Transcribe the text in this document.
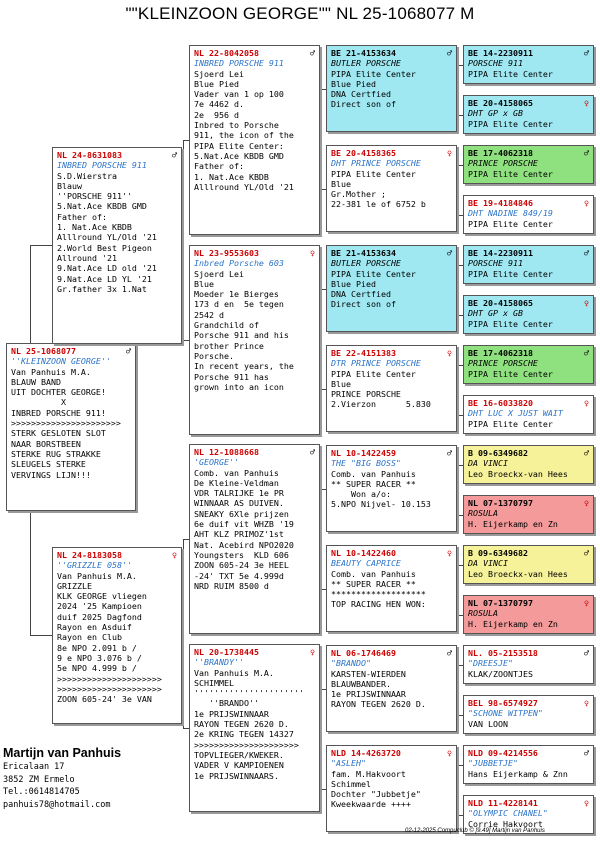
""KLEINZOON GEORGE"" NL 25-1068077 M
NL 25-1068077	♂
''KLEINZOON GEORGE''
Van Panhuis M.A.
BLAUW BAND
UIT DOCHTER GEORGE!
X
INBRED PORSCHE 911!
>>>>>>>>>>>>>>>>>>>>>>
STERK GESLOTEN SLOT
NAAR BORSTBEEN
STERKE RUG STRAKKE
SLEUGELS STERKE
VERVINGS LIJN!!!
NL 24-8631083	♂
INBRED PORSCHE 911
S.D.Wierstra
Blauw
''PORSCHE 911''
5.Nat.Ace KBDB GMD
Father of:
1. Nat.Ace KBDB
Alllround YL/Old '21
2.World Best Pigeon
Allround '21
9.Nat.Ace LD old '21
9.Nat.Ace LD YL '21
Gr.father 3x 1.Nat
NL 24-8183058	♀
''GRIZZLE 058''
Van Panhuis M.A.
GRIZZLE
KLK GEORGE vliegen
2024 '25 Kampioen
duif 2025 Dagfond
Rayon en Asduif
Rayon en Club
8e NPO 2.091 b /
9 e NPO 3.076 b /
5e NPO 4.999 b /
>>>>>>>>>>>>>>>>>>>>>
>>>>>>>>>>>>>>>>>>>>>
ZOON 605-24' 3e VAN
NL 22-8042058	♂
INBRED PORSCHE 911
Sjoerd Lei
Blue Pied
Vader van 1 op 100
7e 4462 d.
2e  956 d
Inbred to Porsche
911, the icon of the
PIPA Elite Center:
5.Nat.Ace KBDB GMD
Father of:
1. Nat.Ace KBDB
Alllround YL/Old '21
NL 23-9553603	♀
Inbred Porsche 603
Sjoerd Lei
Blue
Moeder 1e Bierges
173 d en  5e tegen
2542 d
Grandchild of
Porsche 911 and his
brother Prince
Porsche.
In recent years, the
Porsche 911 has
grown into an icon
NL 12-1088668	♂
'GEORGE''
Comb. van Panhuis
De Kleine-Veldman
VDR TALRIJKE 1e PR
WINNAAR AS DUIVEN.
SNEAKY 6Xle prijzen
6e duif vit WHZB '19
AHT KLZ PRIMOZ'1st
Nat. Acebird NPO2020
Youngsters  KLD 606
ZOON 605-24 3e HEEL
-24' TXT 5e 4.999d
NRD RUIM 8500 d
NL 20-1738445	♀
''BRANDY''
Van Panhuis M.A.
SCHIMMEL
''''''''''''''''''''''
''BRANDO''
1e PRIJSWINNAAR
RAYON TEGEN 2620 D.
2e KRING TEGEN 14327
>>>>>>>>>>>>>>>>>>>>>
TOPVLIEGER/KWEKER.
VADER V KAMPIOENEN
1e PRIJSWINNAARS.
BE 21-4153634	♂
BUTLER PORSCHE
PIPA Elite Center
Blue Pied
DNA Certfied
Direct son of
BE 20-4158365	♀
DHT PRINCE PORSCHE
PIPA Elite Center
Blue
Gr.Mother ;
22-381 le of 6752 b
BE 21-4153634	♂
BUTLER PORSCHE
PIPA Elite Center
Blue Pied
DNA Certfied
Direct son of
BE 22-4151383	♀
DTR PRINCE PORSCHE
PIPA Elite Center
Blue
PRINCE PORSCHE
2.Vierzon      5.830
NL 10-1422459	♂
THE "BIG BOSS"
Comb. van Panhuis
** SUPER RACER **
Won a/o:
5.NPO Nijvel- 10.153
NL 10-1422460	♀
BEAUTY CAPRICE
Comb. van Panhuis
** SUPER RACER **
*******************
TOP RACING HEN WON:
NL 06-1746469	♂
"BRANDO"
KARSTEN-WIERDEN
BLAUWBANDER.
1e PRIJSWINNAAR
RAYON TEGEN 2620 D.
NLD 14-4263720	♀
"ASLEH"
fam. M.Hakvoort
Schimmel
Dochter "Jubbetje"
Kweekwaarde ++++
BE 14-2230911	♂
PORSCHE 911
PIPA Elite Center
BE 20-4158065	♀
DHT GP x GB
PIPA Elite Center
BE 17-4062318	♂
PRINCE PORSCHE
PIPA Elite Center
BE 19-4184846	♀
DHT NADINE 849/19
PIPA Elite Center
BE 14-2230911	♂
PORSCHE 911
PIPA Elite Center
BE 20-4158065	♀
DHT GP x GB
PIPA Elite Center
BE 17-4062318	♂
PRINCE PORSCHE
PIPA Elite Center
BE 16-6033820	♀
DHT LUC X JUST WAIT
PIPA Elite Center
B 09-6349682	♂
DA VINCI
Leo Broeckx-van Hees
NL 07-1370797	♀
ROSULA
H. Eijerkamp en Zn
B 09-6349682	♂
DA VINCI
Leo Broeckx-van Hees
NL 07-1370797	♀
ROSULA
H. Eijerkamp en Zn
NL. 05-2153518	♂
"DREESJE"
KLAK/ZOONTJES
BEL 98-6574927	♀
"SCHONE WITPEN"
VAN LOON
NLD 09-4214556	♂
"JUBBETJE"
Hans Eijerkamp & Znn
NLD 11-4228141	♀
"OLYMPIC CHANEL"
Corrie Hakvoort
Martijn van Panhuis
Ericalaan 17
3852 ZM Ermelo
Tel.:0614814705
panhuis78@hotmail.com
02-12-2025 Compuclub © [9.49] Martijn van Panhuis
